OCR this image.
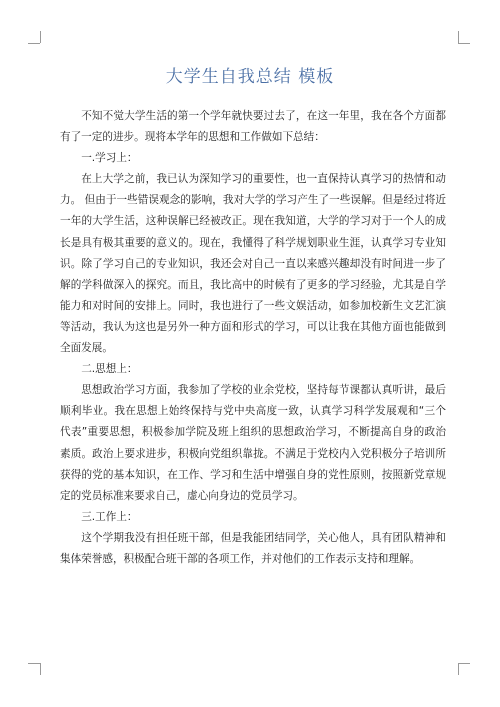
大学生自我总结 模板

不知不觉大学生活的第一个学年就快要过去了，在这一年里，我在各个方面都有了一定的进步。现将本学年的思想和工作做如下总结：

一.学习上：

在上大学之前，我已认为深知学习的重要性，也一直保持认真学习的热情和动力。 但由于一些错误观念的影响，我对大学的学习产生了一些误解。但是经过将近一年的大学生活，这种误解已经被改正。现在我知道，大学的学习对于一个人的成长是具有极其重要的意义的。现在，我懂得了科学规划职业生涯，认真学习专业知识。除了学习自己的专业知识，我还会对自己一直以来感兴趣却没有时间进一步了解的学科做深入的探究。而且，我比高中的时候有了更多的学习经验，尤其是自学能力和对时间的安排上。同时，我也进行了一些文娱活动，如参加校新生文艺汇演等活动，我认为这也是另外一种方面和形式的学习，可以让我在其他方面也能做到全面发展。

二.思想上：

思想政治学习方面，我参加了学校的业余党校，坚持每节课都认真听讲，最后顺利毕业。我在思想上始终保持与党中央高度一致，认真学习科学发展观和“三个代表”重要思想，积极参加学院及班上组织的思想政治学习，不断提高自身的政治素质。政治上要求进步，积极向党组织靠拢。不满足于党校内入党积极分子培训所获得的党的基本知识，在工作、学习和生活中增强自身的党性原则，按照新党章规定的党员标准来要求自己，虚心向身边的党员学习。

三.工作上：

这个学期我没有担任班干部，但是我能团结同学，关心他人，具有团队精神和集体荣誉感，积极配合班干部的各项工作，并对他们的工作表示支持和理解。
